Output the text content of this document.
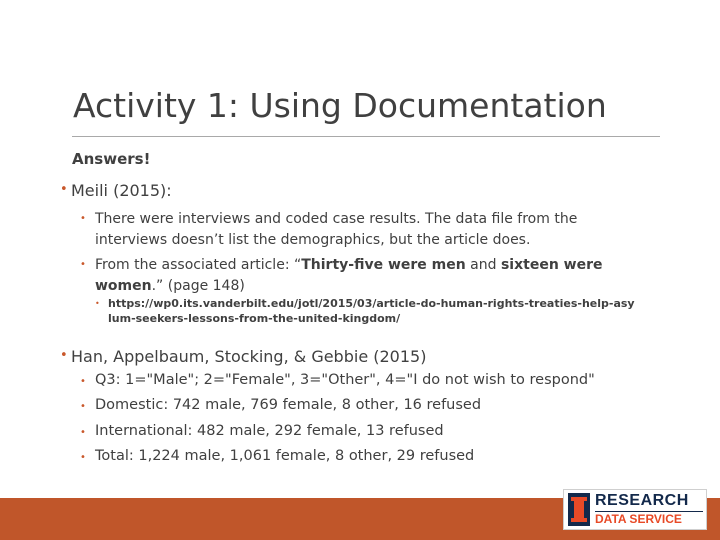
Activity 1: Using Documentation

Answers!

• Meili (2015):

• There were interviews and coded case results. The data file from the interviews doesn’t list the demographics, but the article does.

• From the associated article: “Thirty-five were men and sixteen were women.” (page 148)

• https://wp0.its.vanderbilt.edu/jotl/2015/03/article-do-human-rights-treaties-help-asylum-seekers-lessons-from-the-united-kingdom/
• Han, Appelbaum, Stocking, & Gebbie (2015)

• Q3: 1="Male"; 2="Female", 3="Other", 4="I do not wish to respond"

• Domestic: 742 male, 769 female, 8 other, 16 refused

• International: 482 male, 292 female, 13 refused

• Total: 1,224 male, 1,061 female, 8 other, 29 refused

RESEARCH
DATA SERVICE
